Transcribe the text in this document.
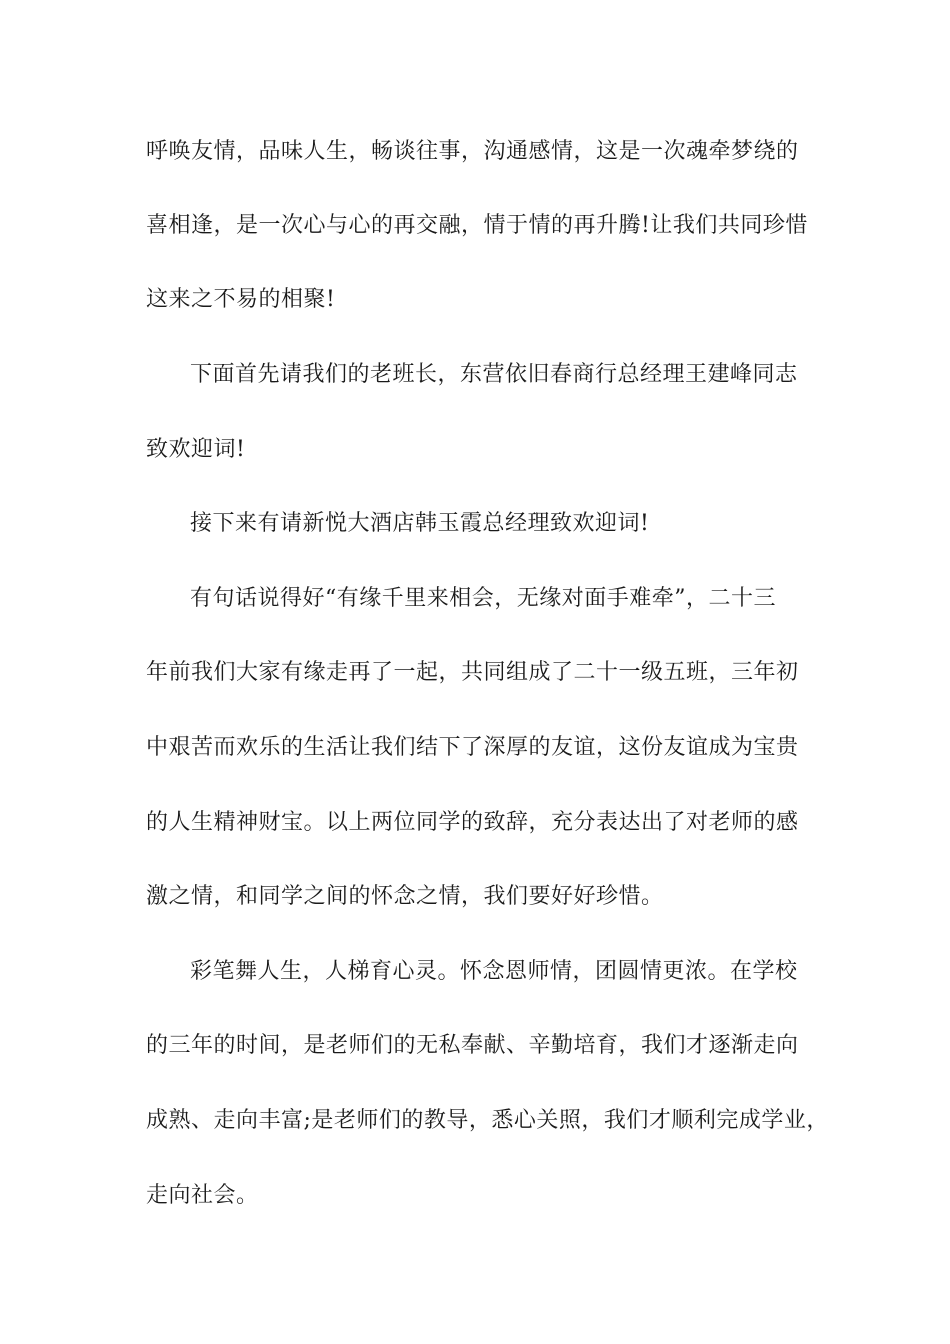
呼唤友情，品味人生，畅谈往事，沟通感情，这是一次魂牵梦绕的
喜相逢，是一次心与心的再交融，情于情的再升腾!让我们共同珍惜
这来之不易的相聚!
下面首先请我们的老班长，东营依旧春商行总经理王建峰同志
致欢迎词!
接下来有请新悦大酒店韩玉霞总经理致欢迎词!
有句话说得好“有缘千里来相会，无缘对面手难牵”，二十三
年前我们大家有缘走再了一起，共同组成了二十一级五班，三年初
中艰苦而欢乐的生活让我们结下了深厚的友谊，这份友谊成为宝贵
的人生精神财宝。以上两位同学的致辞，充分表达出了对老师的感
激之情，和同学之间的怀念之情，我们要好好珍惜。
彩笔舞人生，人梯育心灵。怀念恩师情，团圆情更浓。在学校
的三年的时间，是老师们的无私奉献、辛勤培育，我们才逐渐走向
成熟、走向丰富;是老师们的教导，悉心关照，我们才顺利完成学业，
走向社会。
